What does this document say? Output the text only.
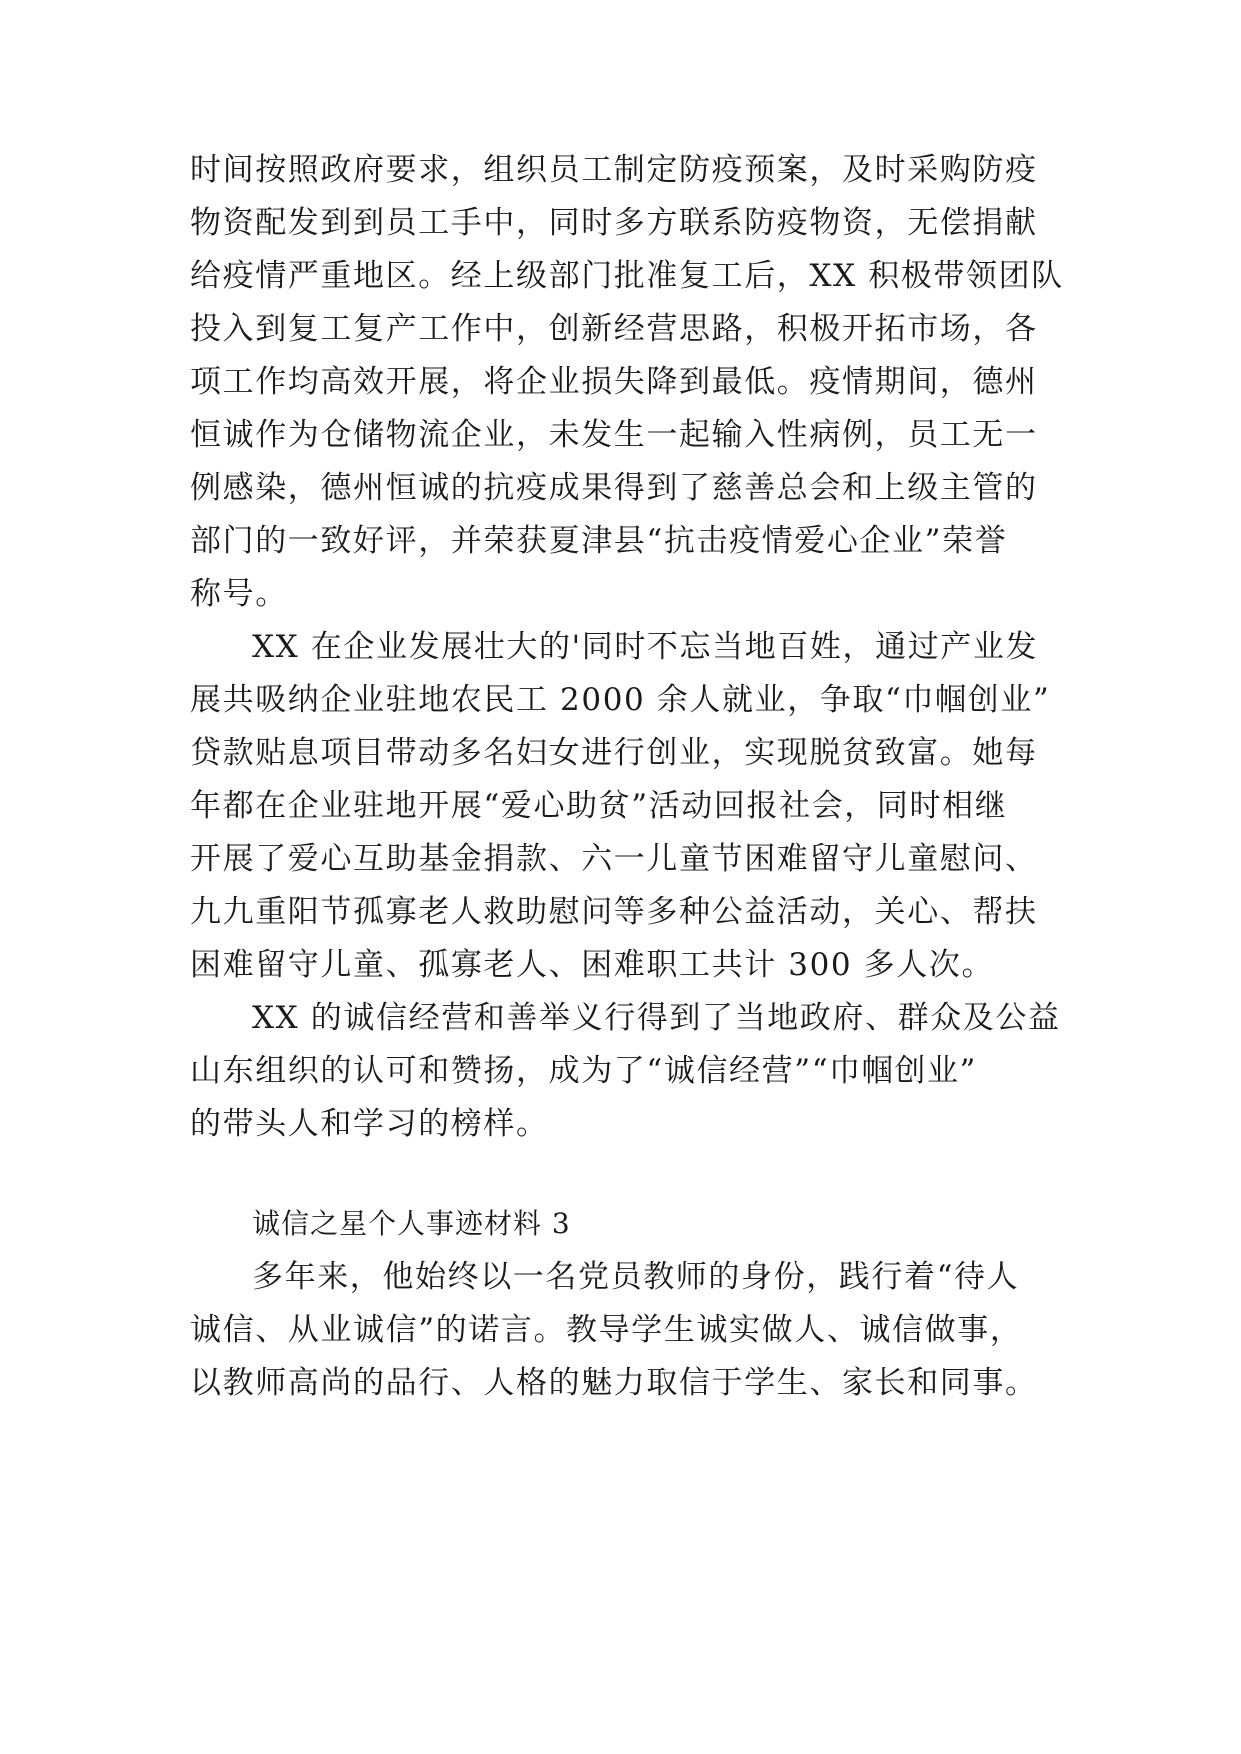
时间按照政府要求，组织员工制定防疫预案，及时采购防疫
物资配发到到员工手中，同时多方联系防疫物资，无偿捐献
给疫情严重地区。经上级部门批准复工后，XX 积极带领团队
投入到复工复产工作中，创新经营思路，积极开拓市场，各
项工作均高效开展，将企业损失降到最低。疫情期间，德州
恒诚作为仓储物流企业，未发生一起输入性病例，员工无一
例感染，德州恒诚的抗疫成果得到了慈善总会和上级主管的
部门的一致好评，并荣获夏津县“抗击疫情爱心企业”荣誉
称号。
XX 在企业发展壮大的'同时不忘当地百姓，通过产业发
展共吸纳企业驻地农民工 2000 余人就业，争取“巾帼创业”
贷款贴息项目带动多名妇女进行创业，实现脱贫致富。她每
年都在企业驻地开展“爱心助贫”活动回报社会，同时相继
开展了爱心互助基金捐款、六一儿童节困难留守儿童慰问、
九九重阳节孤寡老人救助慰问等多种公益活动，关心、帮扶
困难留守儿童、孤寡老人、困难职工共计 300 多人次。
XX 的诚信经营和善举义行得到了当地政府、群众及公益
山东组织的认可和赞扬，成为了“诚信经营”“巾帼创业”
的带头人和学习的榜样。
诚信之星个人事迹材料 3
多年来，他始终以一名党员教师的身份，践行着“待人
诚信、从业诚信”的诺言。教导学生诚实做人、诚信做事，
以教师高尚的品行、人格的魅力取信于学生、家长和同事。
